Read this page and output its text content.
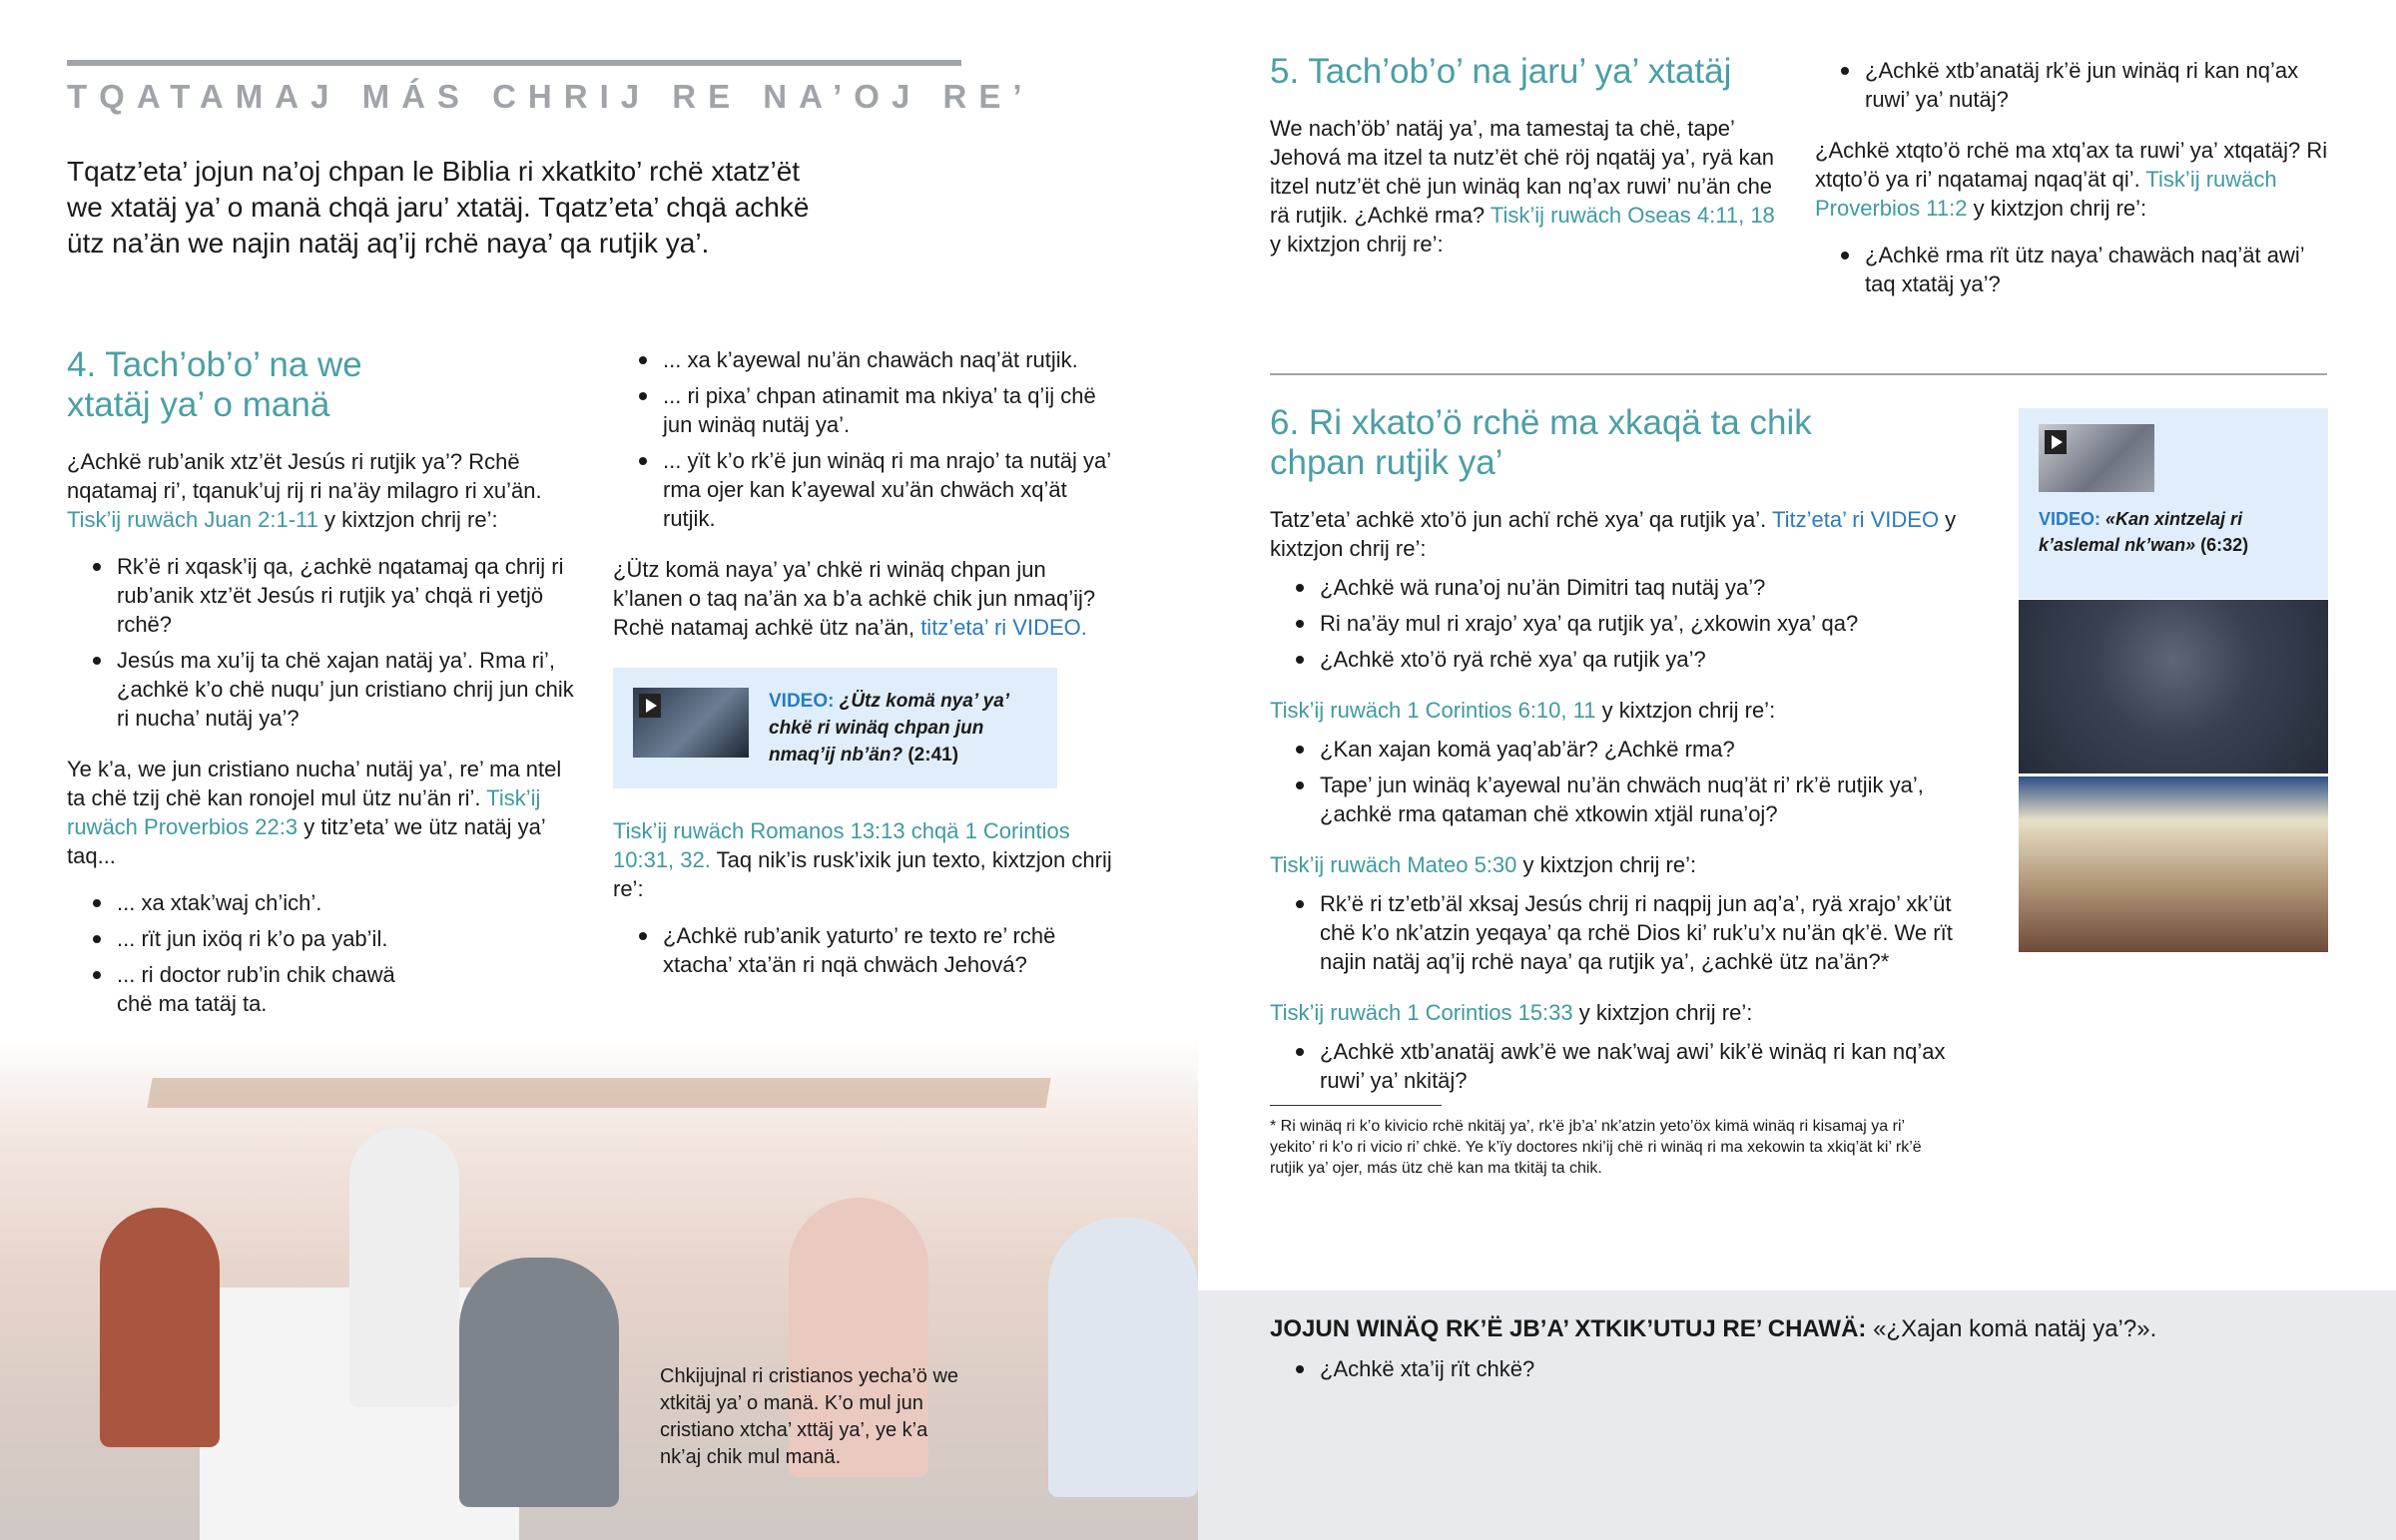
TQATAMAJ MÁS CHRIJ RE NA’OJ RE’
Tqatz’eta’ jojun na’oj chpan le Biblia ri xkatkito’ rchë xtatz’ët we xtatäj ya’ o manä chqä jaru’ xtatäj. Tqatz’eta’ chqä achkë ütz na’än we najin natäj aq’ij rchë naya’ qa rutjik ya’.
4. Tach’ob’o’ na we xtatäj ya’ o manä

¿Achkë rub’anik xtz’ët Jesús ri rutjik ya’? Rchë nqatamaj ri’, tqanuk’uj rij ri na’äy milagro ri xu’än. Tisk’ij ruwäch Juan 2:1-11 y kixtzjon chrij re’:

Rk’ë ri xqask’ij qa, ¿achkë nqatamaj qa chrij ri rub’anik xtz’ët Jesús ri rutjik ya’ chqä ri yetjö rchë?
Jesús ma xu’ij ta chë xajan natäj ya’. Rma ri’, ¿achkë k’o chë nuqu’ jun cristiano chrij jun chik ri nucha’ nutäj ya’?

Ye k’a, we jun cristiano nucha’ nutäj ya’, re’ ma ntel ta chë tzij chë kan ronojel mul ütz nu’än ri’. Tisk’ij ruwäch Proverbios 22:3 y titz’eta’ we ütz natäj ya’ taq...

... xa xtak’waj ch’ich’.
... rït jun ixöq ri k’o pa yab’il.
... ri doctor rub’in chik chawä chë ma tatäj ta.
... xa k’ayewal nu’än chawäch naq’ät rutjik.
... ri pixa’ chpan atinamit ma nkiya’ ta q’ij chë jun winäq nutäj ya’.
... yït k’o rk’ë jun winäq ri ma nrajo’ ta nutäj ya’ rma ojer kan k’ayewal xu’än chwäch xq’ät rutjik.

¿Ütz komä naya’ ya’ chkë ri winäq chpan jun k’lanen o taq na’än xa b’a achkë chik jun nmaq’ij? Rchë natamaj achkë ütz na’än, titz’eta’ ri VIDEO.

VIDEO: ¿Ütz komä nya’ ya’ chkë ri winäq chpan jun nmaq’ij nb’än? (2:41)

Tisk’ij ruwäch Romanos 13:13 chqä 1 Corintios 10:31, 32. Taq nik’is rusk’ixik jun texto, kixtzjon chrij re’:

¿Achkë rub’anik yaturto’ re texto re’ rchë xtacha’ xta’än ri nqä chwäch Jehová?
Chkijujnal ri cristianos yecha’ö we xtkitäj ya’ o manä. K’o mul jun cristiano xtcha’ xttäj ya’, ye k’a nk’aj chik mul manä.
5. Tach’ob’o’ na jaru’ ya’ xtatäj

We nach’öb’ natäj ya’, ma tamestaj ta chë, tape’ Jehová ma itzel ta nutz’ët chë röj nqatäj ya’, ryä kan itzel nutz’ët chë jun winäq kan nq’ax ruwi’ nu’än che rä rutjik. ¿Achkë rma? Tisk’ij ruwäch Oseas 4:11, 18 y kixtzjon chrij re’:

¿Achkë xtb’anatäj rk’ë jun winäq ri kan nq’ax ruwi’ ya’ nutäj?

¿Achkë xtqto’ö rchë ma xtq’ax ta ruwi’ ya’ xtqatäj? Ri xtqto’ö ya ri’ nqatamaj nqaq’ät qi’. Tisk’ij ruwäch Proverbios 11:2 y kixtzjon chrij re’:

¿Achkë rma rït ütz naya’ chawäch naq’ät awi’ taq xtatäj ya’?
6. Ri xkato’ö rchë ma xkaqä ta chik chpan rutjik ya’

Tatz’eta’ achkë xto’ö jun achï rchë xya’ qa rutjik ya’. Titz’eta’ ri VIDEO y kixtzjon chrij re’:

¿Achkë wä runa’oj nu’än Dimitri taq nutäj ya’?
Ri na’äy mul ri xrajo’ xya’ qa rutjik ya’, ¿xkowin xya’ qa?
¿Achkë xto’ö ryä rchë xya’ qa rutjik ya’?

Tisk’ij ruwäch 1 Corintios 6:10, 11 y kixtzjon chrij re’:

¿Kan xajan komä yaq’ab’är? ¿Achkë rma?
Tape’ jun winäq k’ayewal nu’än chwäch nuq’ät ri’ rk’ë rutjik ya’, ¿achkë rma qataman chë xtkowin xtjäl runa’oj?

Tisk’ij ruwäch Mateo 5:30 y kixtzjon chrij re’:

Rk’ë ri tz’etb’äl xksaj Jesús chrij ri naqpij jun aq’a’, ryä xrajo’ xk’üt chë k’o nk’atzin yeqaya’ qa rchë Dios ki’ ruk’u’x nu’än qk’ë. We rït najin natäj aq’ij rchë naya’ qa rutjik ya’, ¿achkë ütz na’än?*

Tisk’ij ruwäch 1 Corintios 15:33 y kixtzjon chrij re’:

¿Achkë xtb’anatäj awk’ë we nak’waj awi’ kik’ë winäq ri kan nq’ax ruwi’ ya’ nkitäj?
* Ri winäq ri k’o kivicio rchë nkitäj ya’, rk’ë jb’a’ nk’atzin yeto’öx kimä winäq ri kisamaj ya ri’ yekito’ ri k’o ri vicio ri’ chkë. Ye k’ïy doctores nki’ij chë ri winäq ri ma xekowin ta xkiq’ät ki’ rk’ë rutjik ya’ ojer, más ütz chë kan ma tkitäj ta chik.
VIDEO: «Kan xintzelaj ri k’aslemal nk’wan» (6:32)
JOJUN WINÄQ RK’Ë JB’A’ XTKIK’UTUJ RE’ CHAWÄ: «¿Xajan komä natäj ya’?».
¿Achkë xta’ij rït chkë?
